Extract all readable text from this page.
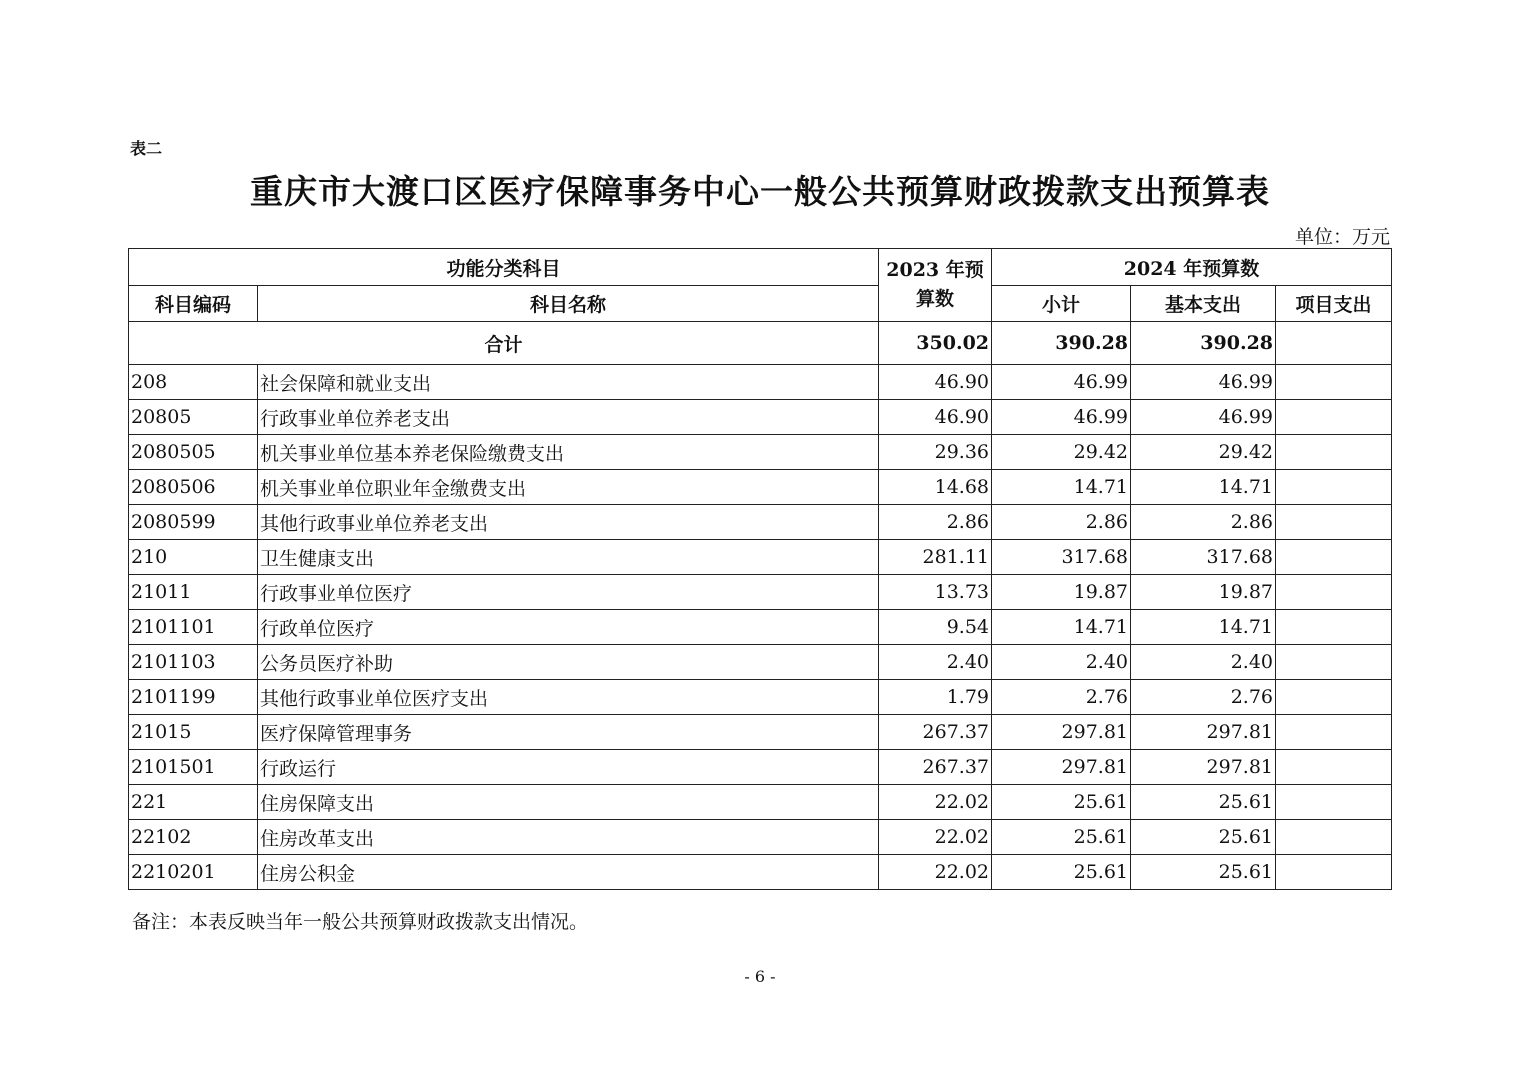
表二
重庆市大渡口区医疗保障事务中心一般公共预算财政拨款支出预算表
单位：万元
功能分类科目		2023 年预算数	2024 年预算数		
科目编码	科目名称		小计	基本支出	项目支出
合计		350.02	390.28	390.28	
208	社会保障和就业支出	46.90	46.99	46.99	
20805	行政事业单位养老支出	46.90	46.99	46.99	
2080505	机关事业单位基本养老保险缴费支出	29.36	29.42	29.42	
2080506	机关事业单位职业年金缴费支出	14.68	14.71	14.71	
2080599	其他行政事业单位养老支出	2.86	2.86	2.86	
210	卫生健康支出	281.11	317.68	317.68	
21011	行政事业单位医疗	13.73	19.87	19.87	
2101101	行政单位医疗	9.54	14.71	14.71	
2101103	公务员医疗补助	2.40	2.40	2.40	
2101199	其他行政事业单位医疗支出	1.79	2.76	2.76	
21015	医疗保障管理事务	267.37	297.81	297.81	
2101501	行政运行	267.37	297.81	297.81	
221	住房保障支出	22.02	25.61	25.61	
22102	住房改革支出	22.02	25.61	25.61	
2210201	住房公积金	22.02	25.61	25.61	
备注：本表反映当年一般公共预算财政拨款支出情况。
- 6 -
